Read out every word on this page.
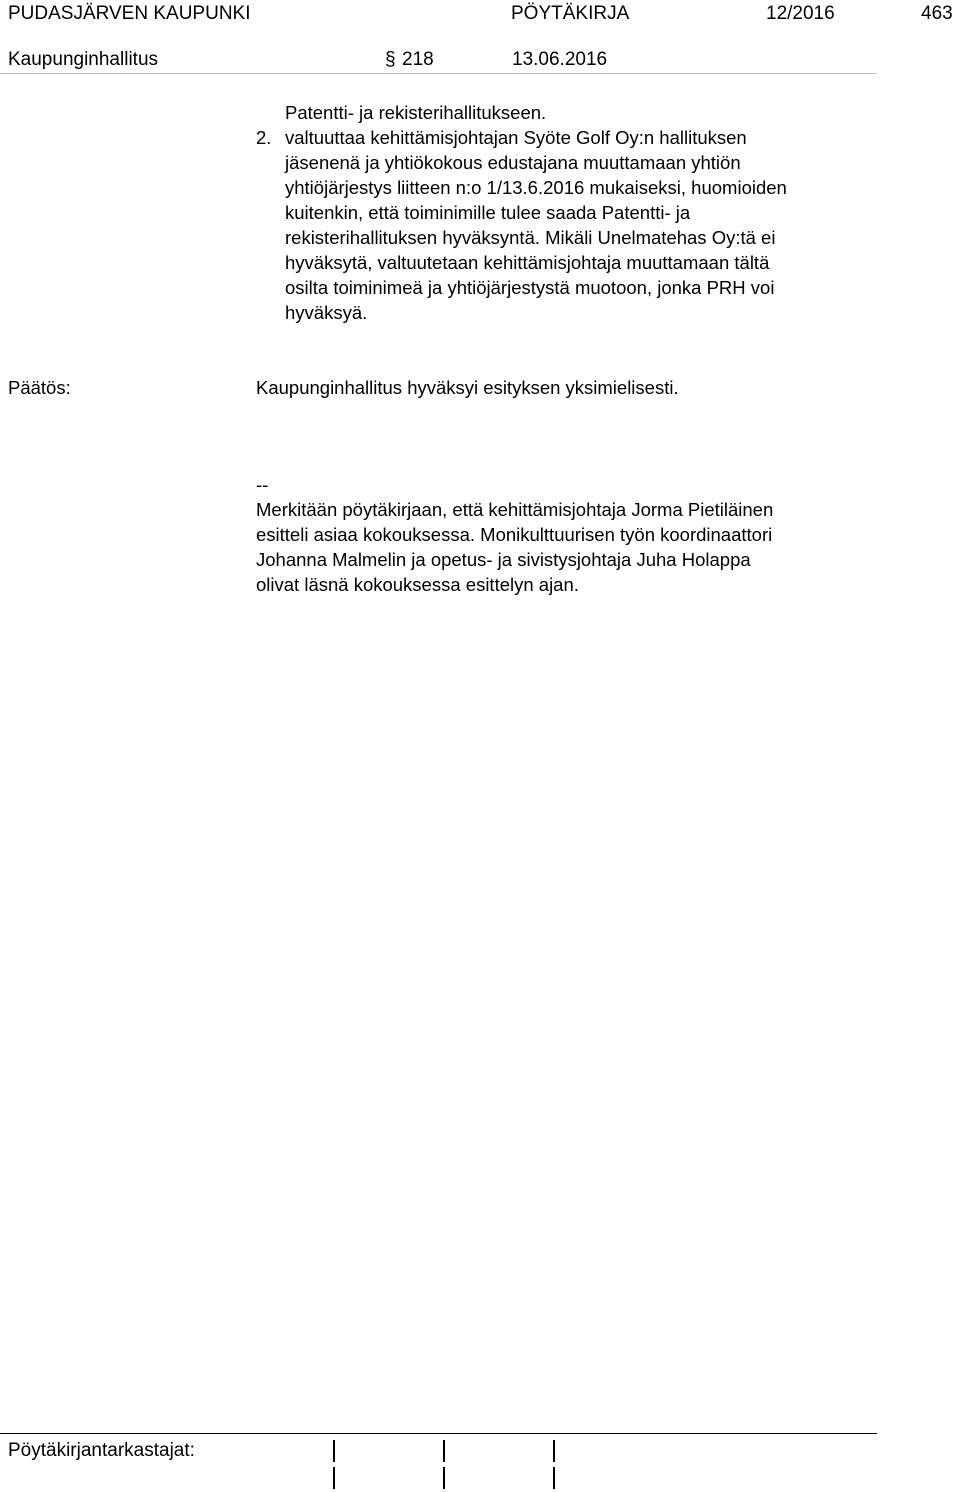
PUDASJÄRVEN KAUPUNKI	PÖYTÄKIRJA	12/2016	463
Kaupunginhallitus	§ 218	13.06.2016
Patentti- ja rekisterihallitukseen.
2. valtuuttaa kehittämisjohtajan Syöte Golf Oy:n hallituksen

jäsenenä ja yhtiökokous edustajana muuttamaan yhtiön

yhtiöjärjestys liitteen n:o 1/13.6.2016 mukaiseksi, huomioiden

kuitenkin, että toiminimille tulee saada Patentti- ja

rekisterihallituksen hyväksyntä. Mikäli Unelmatehas Oy:tä ei

hyväksytä, valtuutetaan kehittämisjohtaja muuttamaan tältä

osilta toiminimeä ja yhtiöjärjestystä muotoon, jonka PRH voi

hyväksyä.

Päätös:	Kaupunginhallitus hyväksyi esityksen yksimielisesti.

--

Merkitään pöytäkirjaan, että kehittämisjohtaja Jorma Pietiläinen

esitteli asiaa kokouksessa. Monikulttuurisen työn koordinaattori

Johanna Malmelin ja opetus- ja sivistysjohtaja Juha Holappa

olivat läsnä kokouksessa esittelyn ajan.

Pöytäkirjantarkastajat:
